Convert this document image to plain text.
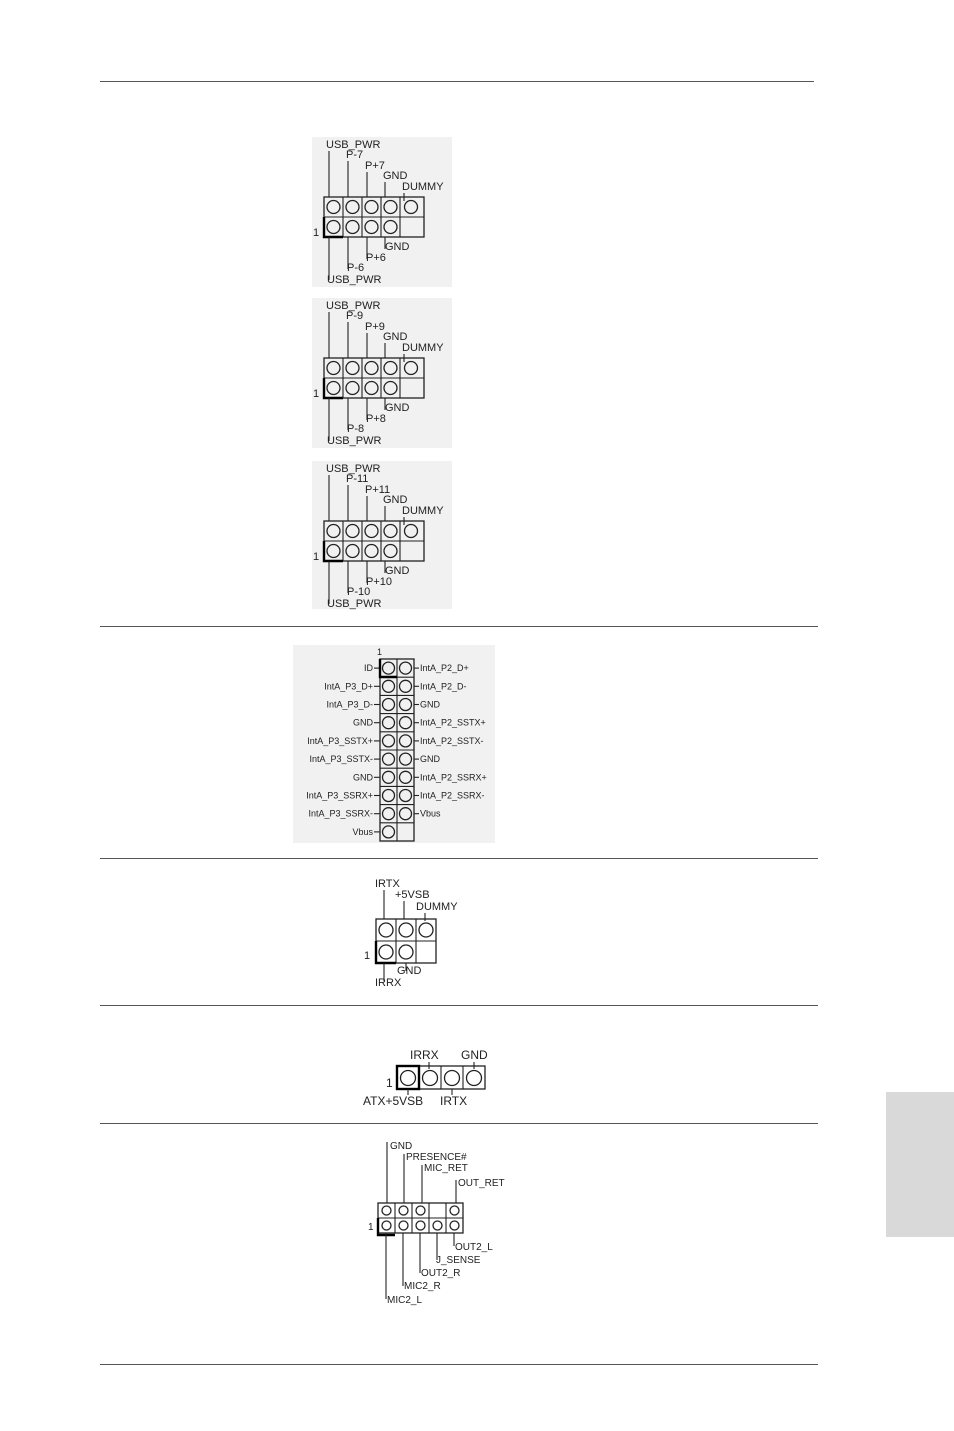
USB_PWR
P-7
P+7
GND
DUMMY
1
GND
P+6
P-6
USB_PWR
USB_PWR
P-9
P+9
GND
DUMMY
1
GND
P+8
P-8
USB_PWR
USB_PWR
P-11
P+11
GND
DUMMY
1
GND
P+10
P-10
USB_PWR
1
ID	IntA_P2_D+
IntA_P3_D+	IntA_P2_D-
IntA_P3_D-	GND
GND	IntA_P2_SSTX+
IntA_P3_SSTX+	IntA_P2_SSTX-
IntA_P3_SSTX-	GND
GND	IntA_P2_SSRX+
IntA_P3_SSRX+	IntA_P2_SSRX-
IntA_P3_SSRX-	Vbus
Vbus
IRTX
+5VSB
DUMMY
1
GND
IRRX
IRRX GND
1
ATX+5VSB IRTX
GND
PRESENCE#
MIC_RET
OUT_RET
1
OUT2_L
J_SENSE
OUT2_R
MIC2_R
MIC2_L
